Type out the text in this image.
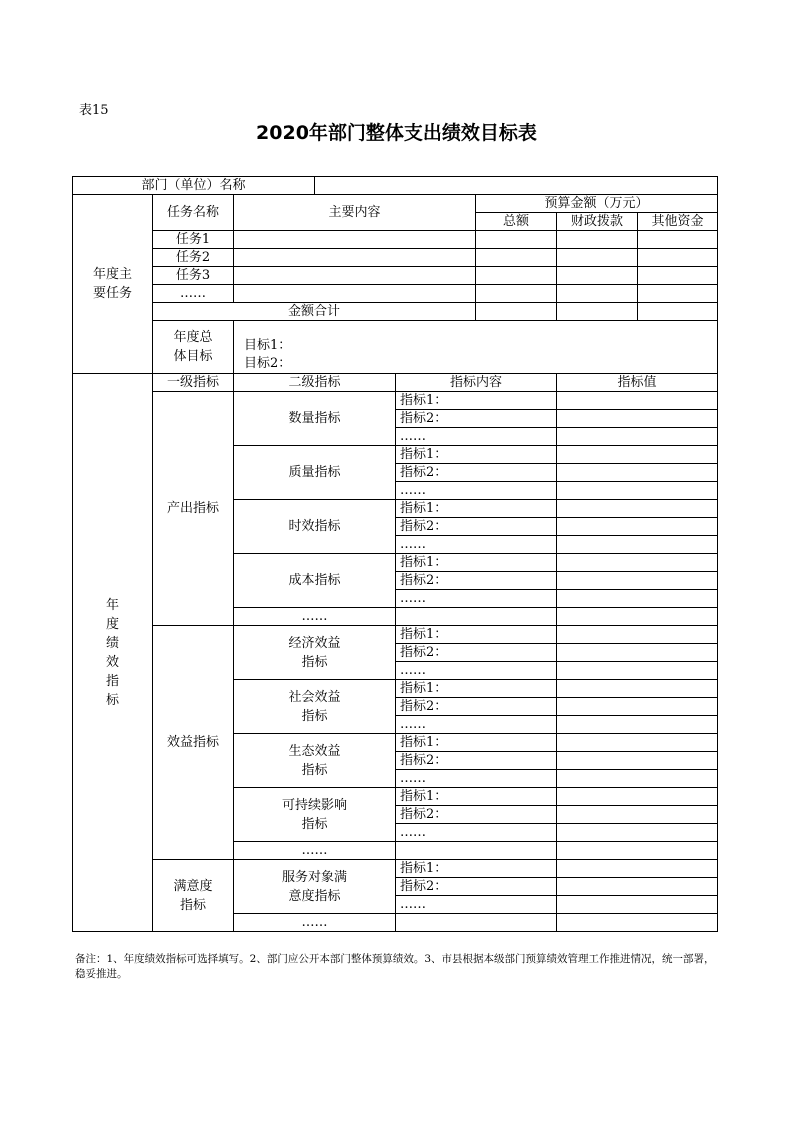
表15
2020年部门整体支出绩效目标表
部门（单位）名称							
年度主要任务	任务名称	主要内容			预算金额（万元）		
					总额	财政拨款	其他资金
	任务1						
	任务2						
	任务3						
	……						
	金额合计						
	年度总体目标	目标1：
目标2：					

年度绩效指标	一级指标	二级指标		指标内容		指标值	
	产出指标	数量指标		指标1：			
				指标2：			
				……			
		质量指标		指标1：			
				指标2：			
				……			
		时效指标		指标1：			
				指标2：			
				……			
		成本指标		指标1：			
				指标2：			
				……			
		……					
	效益指标	经济效益指标		指标1：			
				指标2：			
				……			
		社会效益指标		指标1：			
				指标2：			
				……			
		生态效益指标		指标1：			
				指标2：			
				……			
		可持续影响指标		指标1：			
				指标2：			
				……			
		……					
	满意度指标	服务对象满意度指标		指标1：			
				指标2：			
				……			
		……					
备注：1、年度绩效指标可选择填写。2、部门应公开本部门整体预算绩效。3、市县根据本级部门预算绩效管理工作推进情况，统一部署，稳妥推进。
